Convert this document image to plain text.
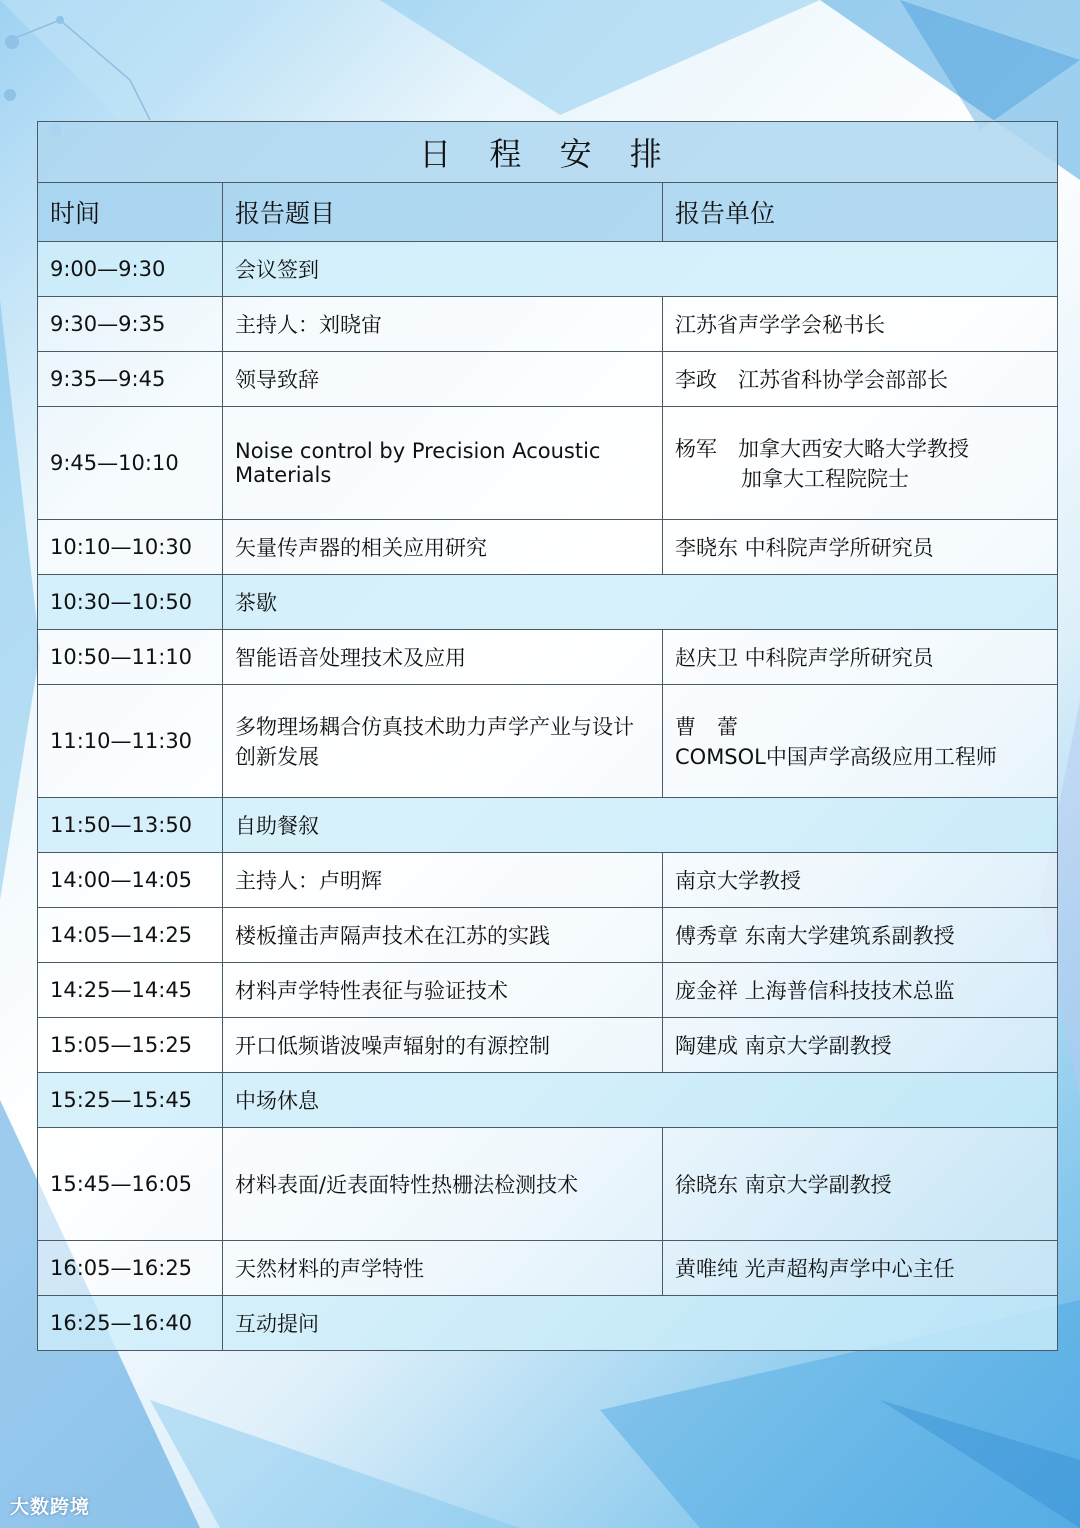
日 程 安 排		
时间	报告题目	报告单位
9:00—9:30	会议签到	
9:30—9:35	主持人：刘晓宙	江苏省声学学会秘书长

9:35—9:45	领导致辞	李政　江苏省科协学会部部长

9:45—10:10	Noise control by Precision Acoustic Materials	杨军　加拿大西安大略大学教授
加拿大工程院院士

10:10—10:30	矢量传声器的相关应用研究	李晓东 中科院声学所研究员

10:30—10:50	茶歇	
10:50—11:10	智能语音处理技术及应用	赵庆卫 中科院声学所研究员

11:10—11:30	多物理场耦合仿真技术助力声学产业与设计创新发展	曹　蕾
COMSOL中国声学高级应用工程师

11:50—13:50	自助餐叙	
14:00—14:05	主持人：卢明辉	南京大学教授

14:05—14:25	楼板撞击声隔声技术在江苏的实践	傅秀章 东南大学建筑系副教授

14:25—14:45	材料声学特性表征与验证技术	庞金祥 上海普信科技技术总监

15:05—15:25	开口低频谐波噪声辐射的有源控制	陶建成 南京大学副教授

15:25—15:45	中场休息	
15:45—16:05	材料表面/近表面特性热栅法检测技术	徐晓东 南京大学副教授

16:05—16:25	天然材料的声学特性	黄唯纯 光声超构声学中心主任

16:25—16:40	互动提问	
大数跨境
